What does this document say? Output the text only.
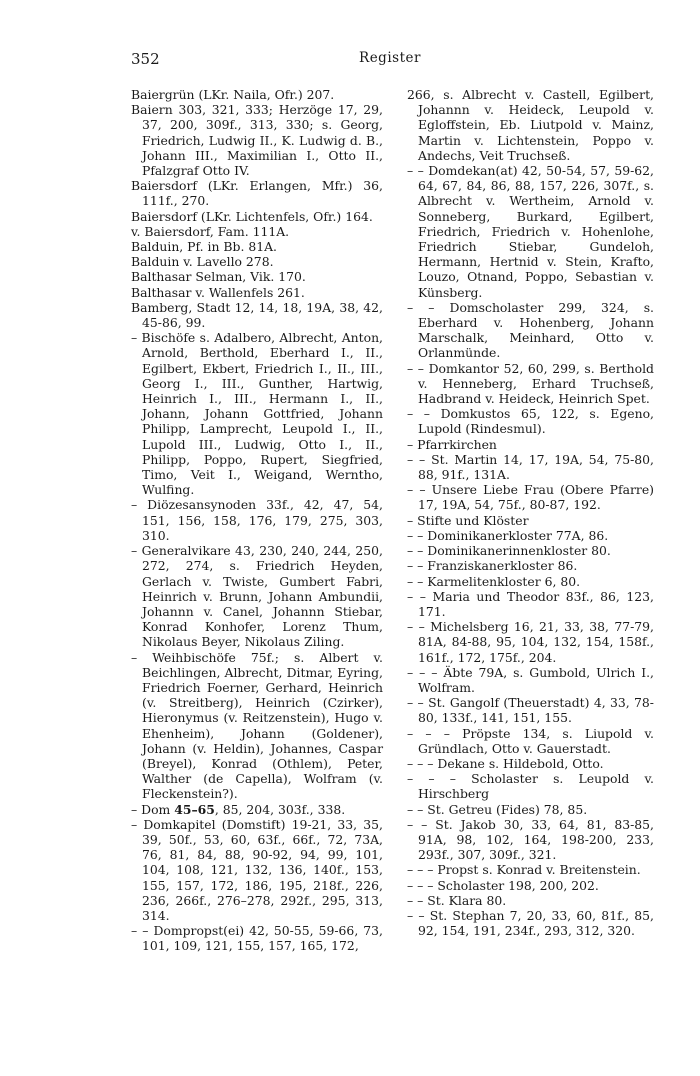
352	Register

Baiergrün (LKr. Naila, Ofr.) 207.

Baiern 303, 321, 333; Herzöge 17, 29, 37, 200, 309f., 313, 330; s. Georg, Friedrich, Ludwig II., K. Ludwig d. B., Johann III., Maximilian I., Otto II., Pfalzgraf Otto IV.

Baiersdorf (LKr. Erlangen, Mfr.) 36, 111f., 270.

Baiersdorf (LKr. Lichtenfels, Ofr.) 164.

v. Baiersdorf, Fam. 111A.

Balduin, Pf. in Bb. 81A.

Balduin v. Lavello 278.

Balthasar Selman, Vik. 170.

Balthasar v. Wallenfels 261.

Bamberg, Stadt 12, 14, 18, 19A, 38, 42, 45-86, 99.

– Bischöfe s. Adalbero, Albrecht, Anton, Arnold, Berthold, Eberhard I., II., Egilbert, Ekbert, Friedrich I., II., III., Georg I., III., Gunther, Hartwig, Heinrich I., III., Hermann I., II., Johann, Johann Gottfried, Johann Philipp, Lamprecht, Leupold I., II., Lupold III., Ludwig, Otto I., II., Philipp, Poppo, Rupert, Siegfried, Timo, Veit I., Weigand, Werntho, Wulfing.

– Diözesansynoden 33f., 42, 47, 54, 151, 156, 158, 176, 179, 275, 303, 310.

– Generalvikare 43, 230, 240, 244, 250, 272, 274, s. Friedrich Heyden, Gerlach v. Twiste, Gumbert Fabri, Heinrich v. Brunn, Johann Ambundii, Johannn v. Canel, Johannn Stiebar, Konrad Konhofer, Lorenz Thum, Nikolaus Beyer, Nikolaus Ziling.

– Weihbischöfe 75f.; s. Albert v. Beichlingen, Albrecht, Ditmar, Eyring, Friedrich Foerner, Gerhard, Heinrich (v. Streitberg), Heinrich (Czirker), Hieronymus (v. Reitzenstein), Hugo v. Ehenheim), Johann (Goldener), Johann (v. Heldin), Johannes, Caspar (Breyel), Konrad (Othlem), Peter, Walther (de Capella), Wolfram (v. Fleckenstein?).

– Dom 45–65, 85, 204, 303f., 338.

– Domkapitel (Domstift) 19-21, 33, 35, 39, 50f., 53, 60, 63f., 66f., 72, 73A, 76, 81, 84, 88, 90-92, 94, 99, 101, 104, 108, 121, 132, 136, 140f., 153, 155, 157, 172, 186, 195, 218f., 226, 236, 266f., 276–278, 292f., 295, 313, 314.

– – Dompropst(ei) 42, 50-55, 59-66, 73, 101, 109, 121, 155, 157, 165, 172,

266, s. Albrecht v. Castell, Egilbert, Johannn v. Heideck, Leupold v. Egloffstein, Eb. Liutpold v. Mainz, Martin v. Lichtenstein, Poppo v. Andechs, Veit Truchseß.

– – Domdekan(at) 42, 50-54, 57, 59-62, 64, 67, 84, 86, 88, 157, 226, 307f., s. Albrecht v. Wertheim, Arnold v. Sonneberg, Burkard, Egilbert, Friedrich, Friedrich v. Hohenlohe, Friedrich Stiebar, Gundeloh, Hermann, Hertnid v. Stein, Krafto, Louzo, Otnand, Poppo, Sebastian v. Künsberg.

– – Domscholaster 299, 324, s. Eberhard v. Hohenberg, Johann Marschalk, Meinhard, Otto v. Orlanmünde.

– – Domkantor 52, 60, 299, s. Berthold v. Henneberg, Erhard Truchseß, Hadbrand v. Heideck, Heinrich Spet.

– – Domkustos 65, 122, s. Egeno, Lupold (Rindesmul).

– Pfarrkirchen

– – St. Martin 14, 17, 19A, 54, 75-80, 88, 91f., 131A.

– – Unsere Liebe Frau (Obere Pfarre) 17, 19A, 54, 75f., 80-87, 192.

– Stifte und Klöster

– – Dominikanerkloster 77A, 86.

– – Dominikanerinnenkloster 80.

– – Franziskanerkloster 86.

– – Karmelitenkloster 6, 80.

– – Maria und Theodor 83f., 86, 123, 171.

– – Michelsberg 16, 21, 33, 38, 77-79, 81A, 84-88, 95, 104, 132, 154, 158f., 161f., 172, 175f., 204.

– – – Äbte 79A, s. Gumbold, Ulrich I., Wolfram.

– – St. Gangolf (Theuerstadt) 4, 33, 78-80, 133f., 141, 151, 155.

– – – Pröpste 134, s. Liupold v. Gründlach, Otto v. Gauerstadt.

– – – Dekane s. Hildebold, Otto.

– – – Scholaster s. Leupold v. Hirschberg

– – St. Getreu (Fides) 78, 85.

– – St. Jakob 30, 33, 64, 81, 83-85, 91A, 98, 102, 164, 198-200, 233, 293f., 307, 309f., 321.

– – – Propst s. Konrad v. Breitenstein.

– – – Scholaster 198, 200, 202.

– – St. Klara 80.

– – St. Stephan 7, 20, 33, 60, 81f., 85, 92, 154, 191, 234f., 293, 312, 320.
